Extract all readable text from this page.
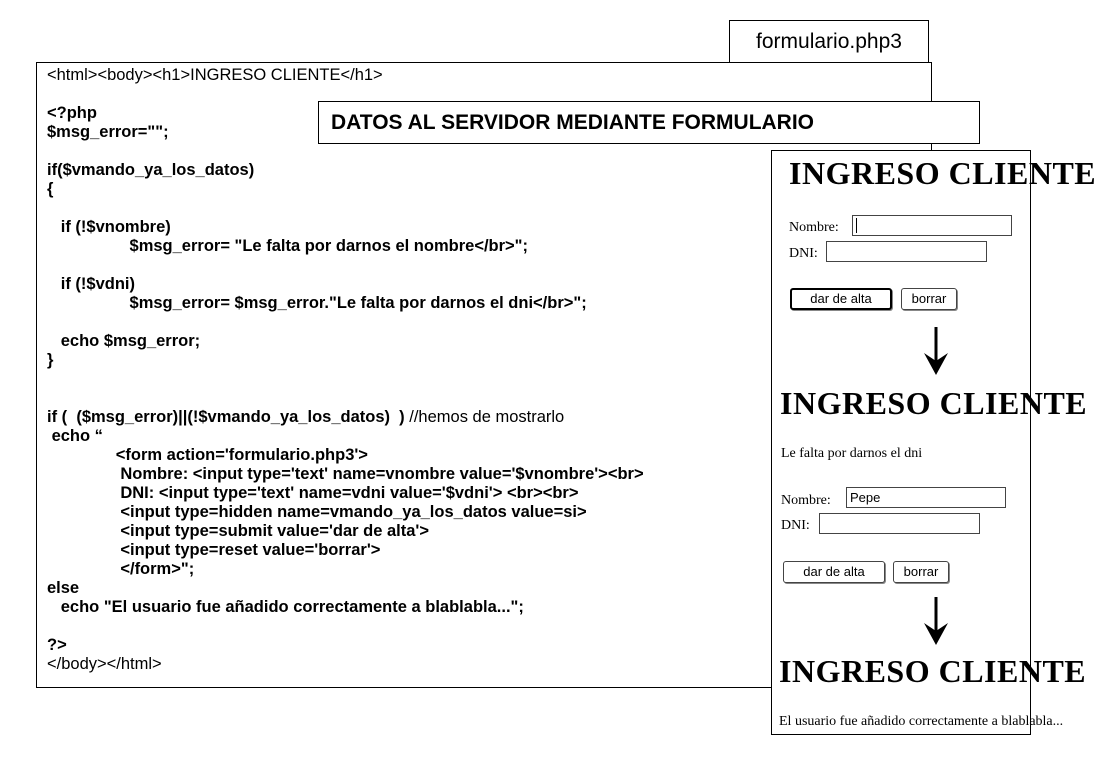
formulario.php3
<html><body><h1>INGRESO CLIENTE</h1>
<?php
$msg_error="";
if($vmando_ya_los_datos)
{
if (!$vnombre)
$msg_error= "Le falta por darnos el nombre</br>";
if (!$vdni)
$msg_error= $msg_error."Le falta por darnos el dni</br>";
echo $msg_error;
}
if (  ($msg_error)||(!$vmando_ya_los_datos)  ) //hemos de mostrarlo
echo “
<form action='formulario.php3'>
Nombre: <input type='text' name=vnombre value='$vnombre'><br>
DNI: <input type='text' name=vdni value='$vdni'> <br><br>
<input type=hidden name=vmando_ya_los_datos value=si>
<input type=submit value='dar de alta'>
<input type=reset value='borrar'>
</form>";
else
echo "El usuario fue añadido correctamente a blablabla...";
?>
</body></html>
DATOS AL SERVIDOR MEDIANTE FORMULARIO
INGRESO CLIENTE
Nombre:
DNI:
dar de alta	borrar
INGRESO CLIENTE
Le falta por darnos el dni
Nombre:	Pepe
DNI:
dar de alta	borrar
INGRESO CLIENTE
El usuario fue añadido correctamente a blablabla...
